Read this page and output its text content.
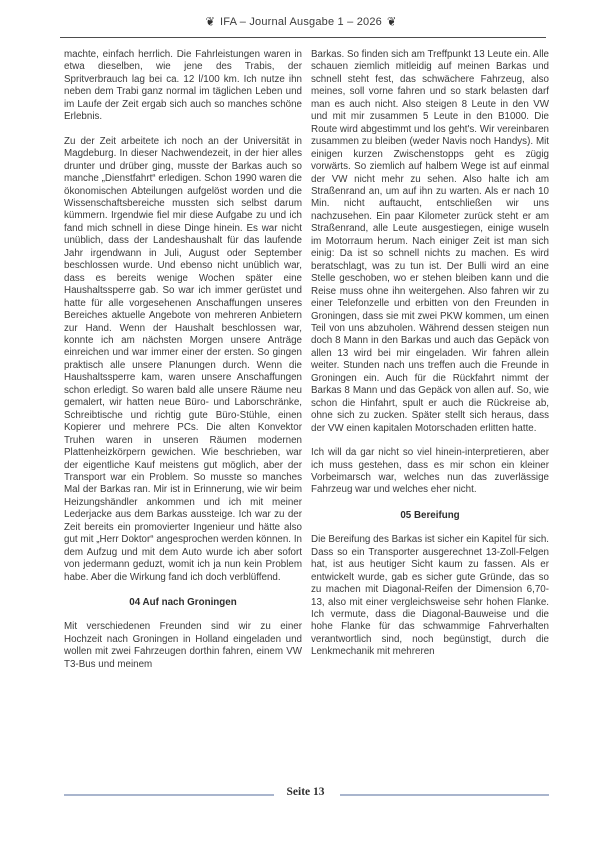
❦ IFA – Journal Ausgabe 1 – 2026 ❦
machte, einfach herrlich. Die Fahrleistungen waren in etwa dieselben, wie jene des Trabis, der Spritverbrauch lag bei ca. 12 l/100 km. Ich nutze ihn neben dem Trabi ganz normal im täglichen Leben und im Laufe der Zeit ergab sich auch so manches schöne Erlebnis.
Zu der Zeit arbeitete ich noch an der Universität in Magdeburg. In dieser Nachwendezeit, in der hier alles drunter und drüber ging, musste der Barkas auch so manche „Dienstfahrt“ erledigen. Schon 1990 waren die ökonomischen Abteilungen aufgelöst worden und die Wissenschaftsbereiche mussten sich selbst darum kümmern. Irgendwie fiel mir diese Aufgabe zu und ich fand mich schnell in diese Dinge hinein. Es war nicht unüblich, dass der Landeshaushalt für das laufende Jahr irgendwann in Juli, August oder September beschlossen wurde. Und ebenso nicht unüblich war, dass es bereits wenige Wochen später eine Haushaltssperre gab. So war ich immer gerüstet und hatte für alle vorgesehenen Anschaffungen unseres Bereiches aktuelle Angebote von mehreren Anbietern zur Hand. Wenn der Haushalt beschlossen war, konnte ich am nächsten Morgen unsere Anträge einreichen und war immer einer der ersten. So gingen praktisch alle unsere Planungen durch. Wenn die Haushaltssperre kam, waren unsere Anschaffungen schon erledigt. So waren bald alle unsere Räume neu gemalert, wir hatten neue Büro- und Laborschränke, Schreibtische und richtig gute Büro-Stühle, einen Kopierer und mehrere PCs. Die alten Konvektor Truhen waren in unseren Räumen modernen Plattenheizkörpern gewichen. Wie beschrieben, war der eigentliche Kauf meistens gut möglich, aber der Transport war ein Problem. So musste so manches Mal der Barkas ran. Mir ist in Erinnerung, wie wir beim Heizungshändler ankommen und ich mit meiner Lederjacke aus dem Barkas aussteige. Ich war zu der Zeit bereits ein promovierter Ingenieur und hätte also gut mit „Herr Doktor“ angesprochen werden können. In dem Aufzug und mit dem Auto wurde ich aber sofort von jedermann geduzt, womit ich ja nun kein Problem habe. Aber die Wirkung fand ich doch verblüffend.
04 Auf nach Groningen
Mit verschiedenen Freunden sind wir zu einer Hochzeit nach Groningen in Holland eingeladen und wollen mit zwei Fahrzeugen dorthin fahren, einem VW T3-Bus und meinem
Barkas. So finden sich am Treffpunkt 13 Leute ein. Alle schauen ziemlich mitleidig auf meinen Barkas und schnell steht fest, das schwächere Fahrzeug, also meines, soll vorne fahren und so stark belasten darf man es auch nicht. Also steigen 8 Leute in den VW und mit mir zusammen 5 Leute in den B1000. Die Route wird abgestimmt und los geht's. Wir vereinbaren zusammen zu bleiben (weder Navis noch Handys). Mit einigen kurzen Zwischenstopps geht es zügig vorwärts. So ziemlich auf halbem Wege ist auf einmal der VW nicht mehr zu sehen. Also halte ich am Straßenrand an, um auf ihn zu warten. Als er nach 10 Min. nicht auftaucht, entschließen wir uns nachzusehen. Ein paar Kilometer zurück steht er am Straßenrand, alle Leute ausgestiegen, einige wuseln im Motorraum herum. Nach einiger Zeit ist man sich einig: Da ist so schnell nichts zu machen. Es wird beratschlagt, was zu tun ist. Der Bulli wird an eine Stelle geschoben, wo er stehen bleiben kann und die Reise muss ohne ihn weitergehen. Also fahren wir zu einer Telefonzelle und erbitten von den Freunden in Groningen, dass sie mit zwei PKW kommen, um einen Teil von uns abzuholen. Während dessen steigen nun doch 8 Mann in den Barkas und auch das Gepäck von allen 13 wird bei mir eingeladen. Wir fahren allein weiter. Stunden nach uns treffen auch die Freunde in Groningen ein. Auch für die Rückfahrt nimmt der Barkas 8 Mann und das Gepäck von allen auf. So, wie schon die Hinfahrt, spult er auch die Rückreise ab, ohne sich zu zucken. Später stellt sich heraus, dass der VW einen kapitalen Motorschaden erlitten hatte.
Ich will da gar nicht so viel hinein-interpretieren, aber ich muss gestehen, dass es mir schon ein kleiner Vorbeimarsch war, welches nun das zuverlässige Fahrzeug war und welches eher nicht.
05 Bereifung
Die Bereifung des Barkas ist sicher ein Kapitel für sich. Dass so ein Transporter ausgerechnet 13-Zoll-Felgen hat, ist aus heutiger Sicht kaum zu fassen. Als er entwickelt wurde, gab es sicher gute Gründe, das so zu machen mit Diagonal-Reifen der Dimension 6,70-13, also mit einer vergleichsweise sehr hohen Flanke. Ich vermute, dass die Diagonal-Bauweise und die hohe Flanke für das schwammige Fahrverhalten verantwortlich sind, noch begünstigt, durch die Lenkmechanik mit mehreren
Seite 13
